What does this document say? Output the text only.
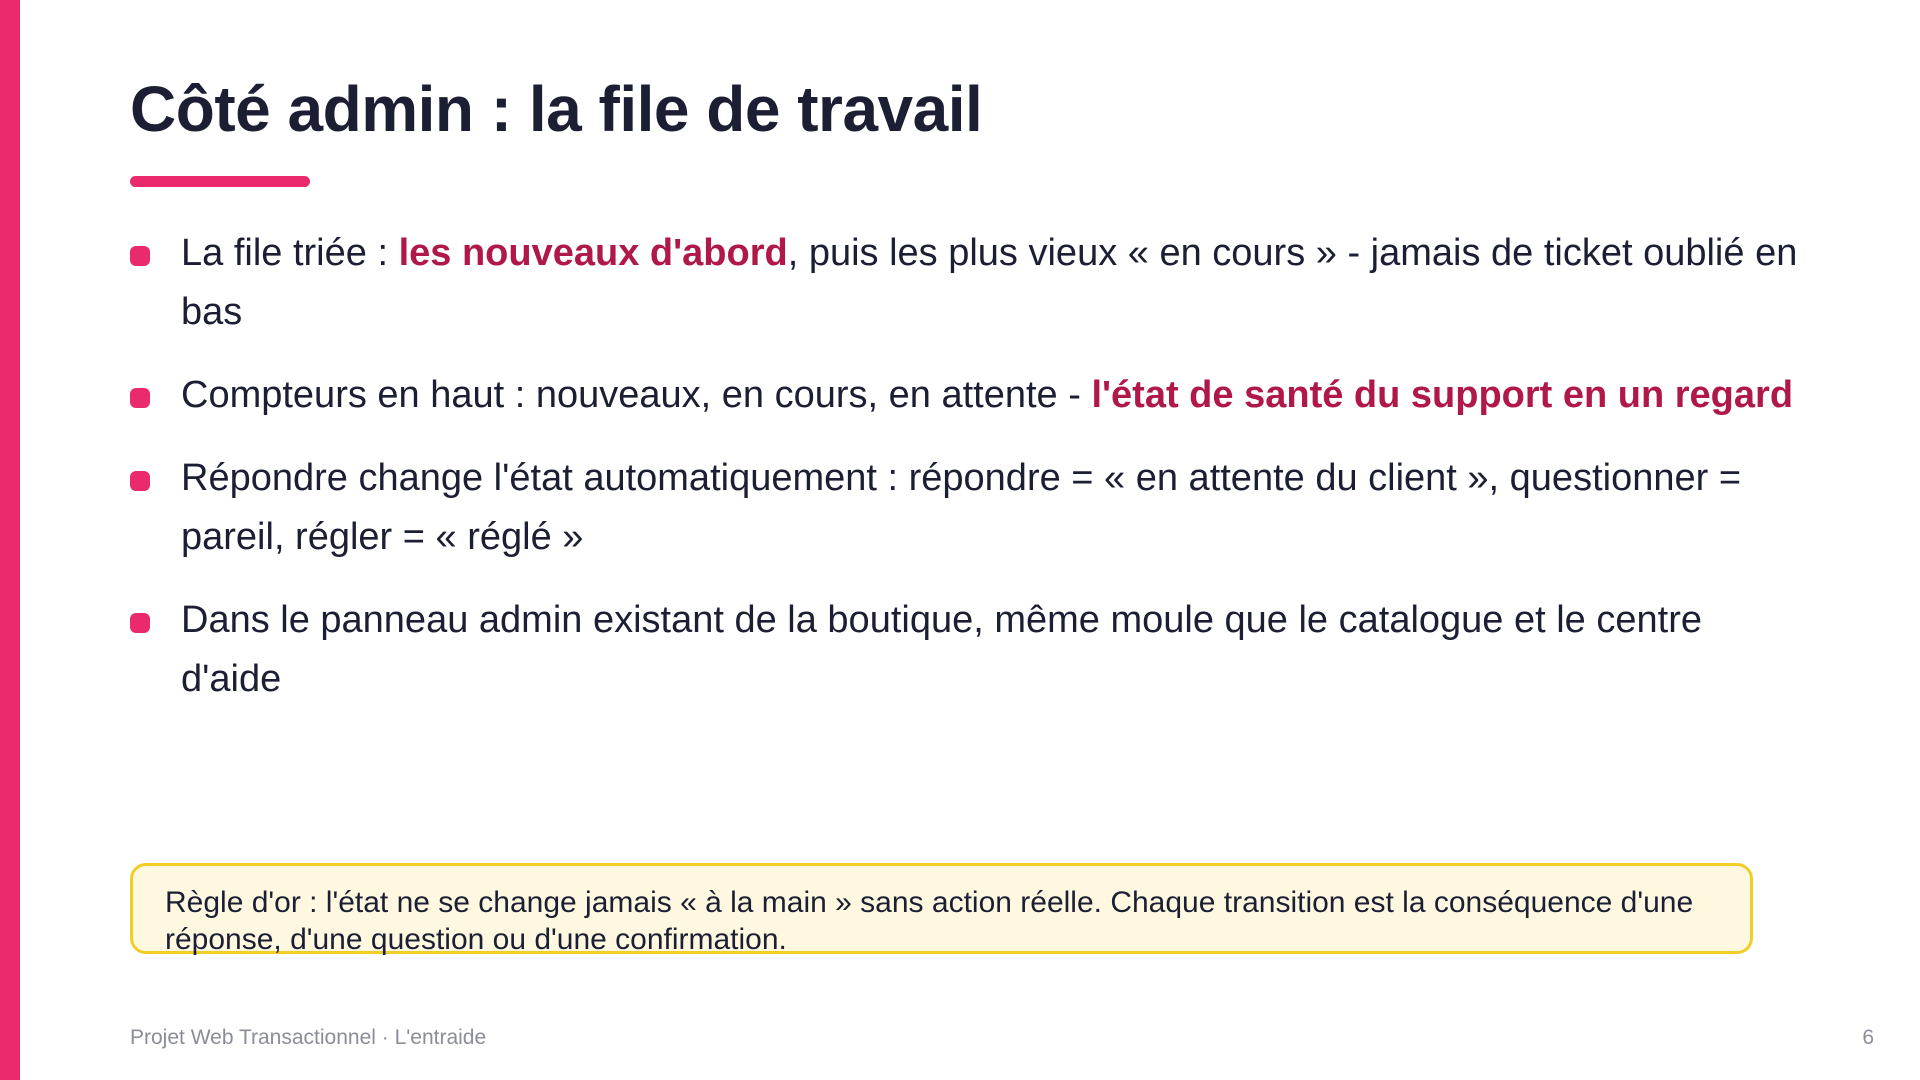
Côté admin : la file de travail
La file triée : les nouveaux d'abord, puis les plus vieux « en cours » - jamais de ticket oublié en bas
Compteurs en haut : nouveaux, en cours, en attente - l'état de santé du support en un regard
Répondre change l'état automatiquement : répondre = « en attente du client », questionner = pareil, régler = « réglé »
Dans le panneau admin existant de la boutique, même moule que le catalogue et le centre d'aide
Règle d'or : l'état ne se change jamais « à la main » sans action réelle. Chaque transition est la conséquence d'une réponse, d'une question ou d'une confirmation.
Projet Web Transactionnel · L'entraide	6
